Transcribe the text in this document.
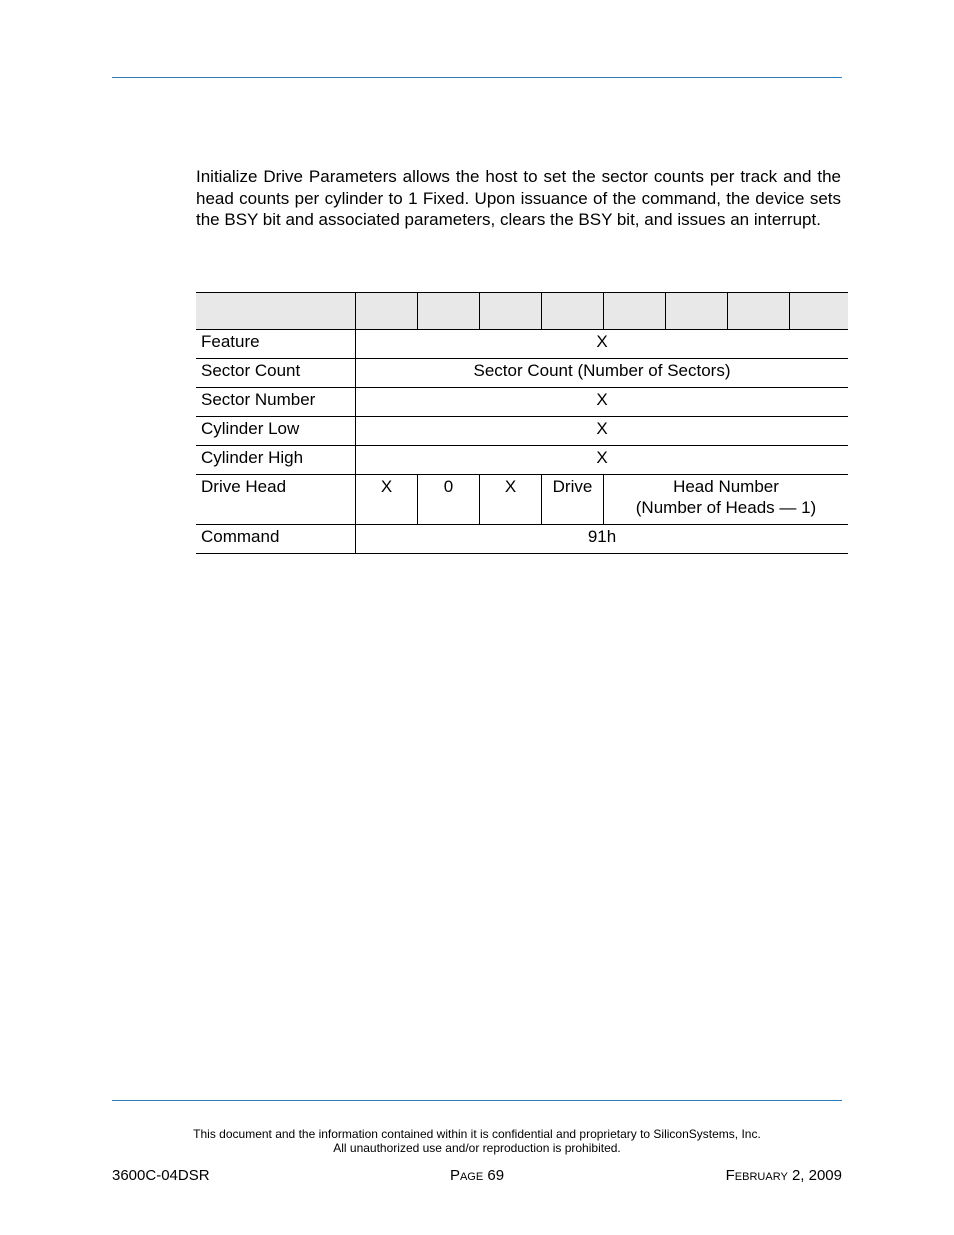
Initialize Drive Parameters allows the host to set the sector counts per track and the head counts per cylinder to 1 Fixed. Upon issuance of the command, the device sets the BSY bit and associated parameters, clears the BSY bit, and issues an interrupt.

Feature	X							
Sector Count	Sector Count (Number of Sectors)							
Sector Number	X							
Cylinder Low	X							
Cylinder High	X							
Drive Head	X	0	X	Drive	Head Number
(Number of Heads — 1)			

Command	91h							
This document and the information contained within it is confidential and proprietary to SiliconSystems, Inc.
All unauthorized use and/or reproduction is prohibited.
3600C-04DSR	PAGE 69	FEBRUARY 2, 2009
